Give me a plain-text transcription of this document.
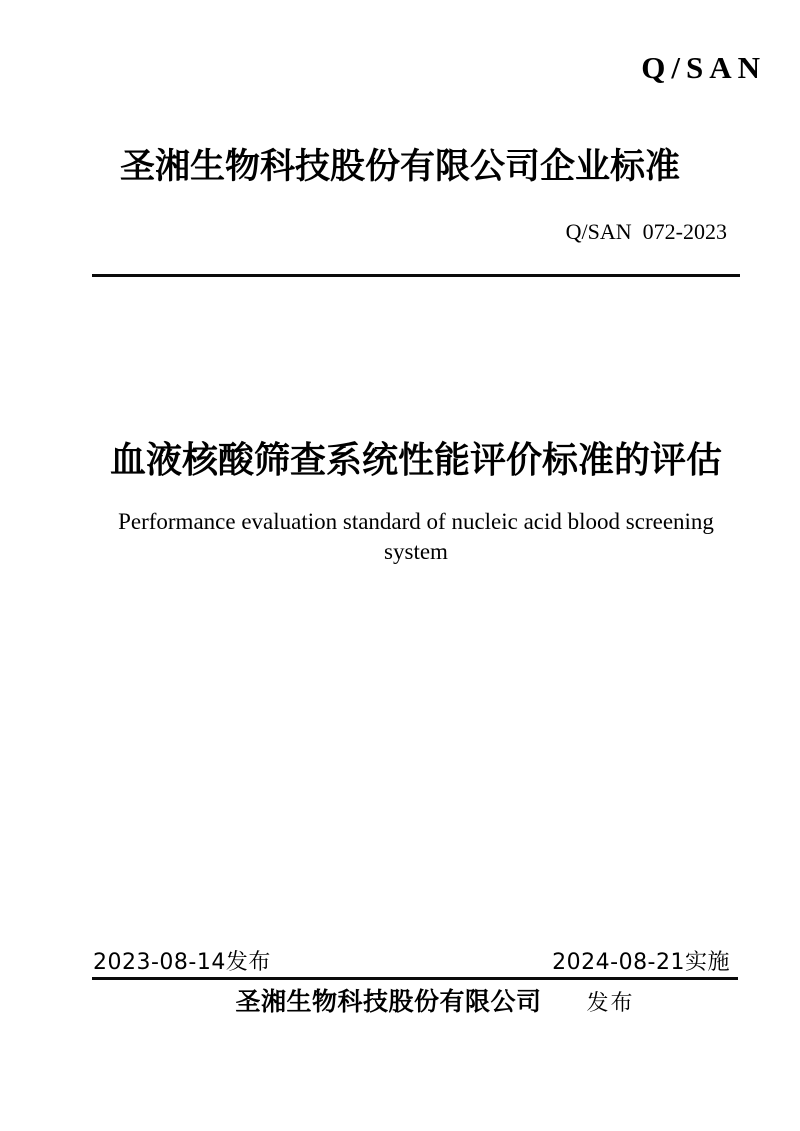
Q/SAN
圣湘生物科技股份有限公司企业标准
Q/SAN  072-2023
血液核酸筛查系统性能评价标准的评估
Performance evaluation standard of nucleic acid blood screening system
2023-08-14发布	2024-08-21实施
圣湘生物科技股份有限公司 发布
